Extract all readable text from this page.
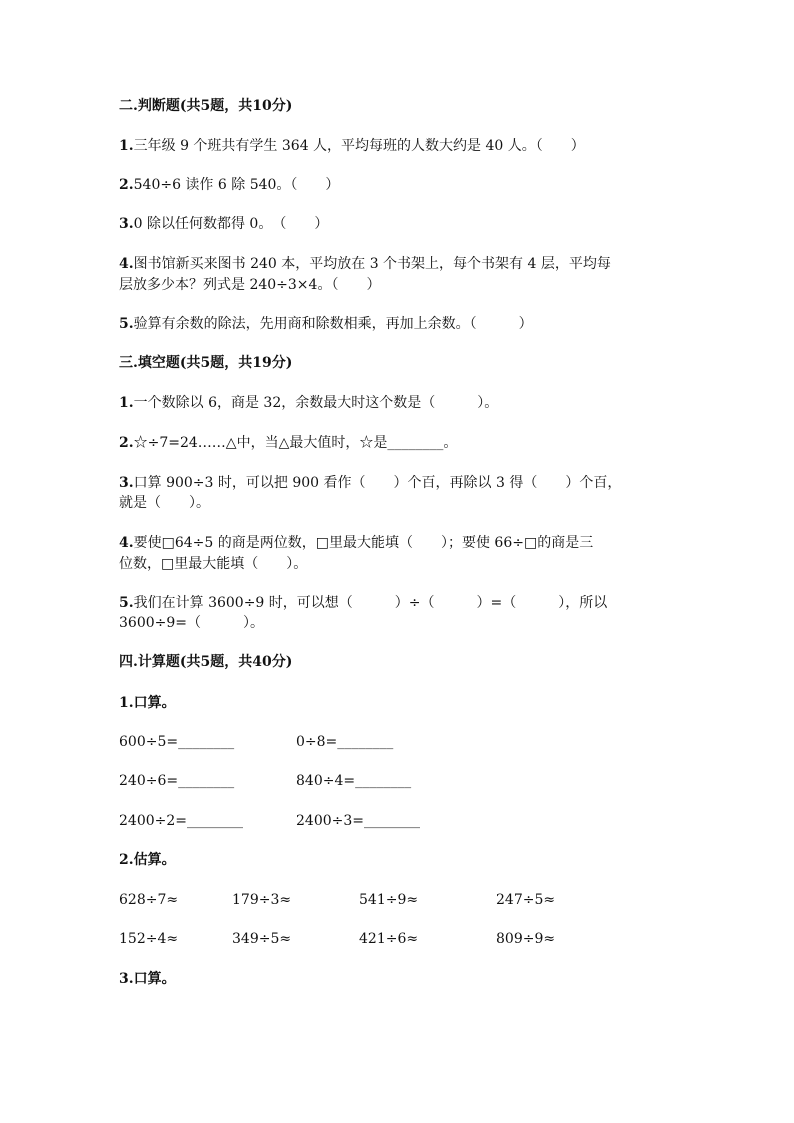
二.判断题(共5题，共10分)
1.三年级 9 个班共有学生 364 人，平均每班的人数大约是 40 人。（　　）
2.540÷6 读作 6 除 540。（　　）
3.0 除以任何数都得 0。　（　　）
4.图书馆新买来图书 240 本，平均放在 3 个书架上，每个书架有 4 层，平均每
层放多少本？列式是 240÷3×4。（　　）
5.验算有余数的除法，先用商和除数相乘，再加上余数。（　　　）
三.填空题(共5题，共19分)
1.一个数除以 6，商是 32，余数最大时这个数是（　　　）。
2.☆÷7=24……△中，当△最大值时，☆是________。
3.口算 900÷3 时，可以把 900 看作（　　）个百，再除以 3 得（　　）个百，
就是（　　）。
4.要使□64÷5 的商是两位数，□里最大能填（　　）；要使 66÷□的商是三
位数，□里最大能填（　　）。
5.我们在计算 3600÷9 时，可以想（　　　）÷（　　　）=（　　　），所以
3600÷9=（　　　）。
四.计算题(共5题，共40分)
1.口算。
600÷5=________	0÷8=________
240÷6=________	840÷4=________
2400÷2=________	2400÷3=________
2.估算。
628÷7≈	179÷3≈	541÷9≈	247÷5≈
152÷4≈	349÷5≈	421÷6≈	809÷9≈
3.口算。
